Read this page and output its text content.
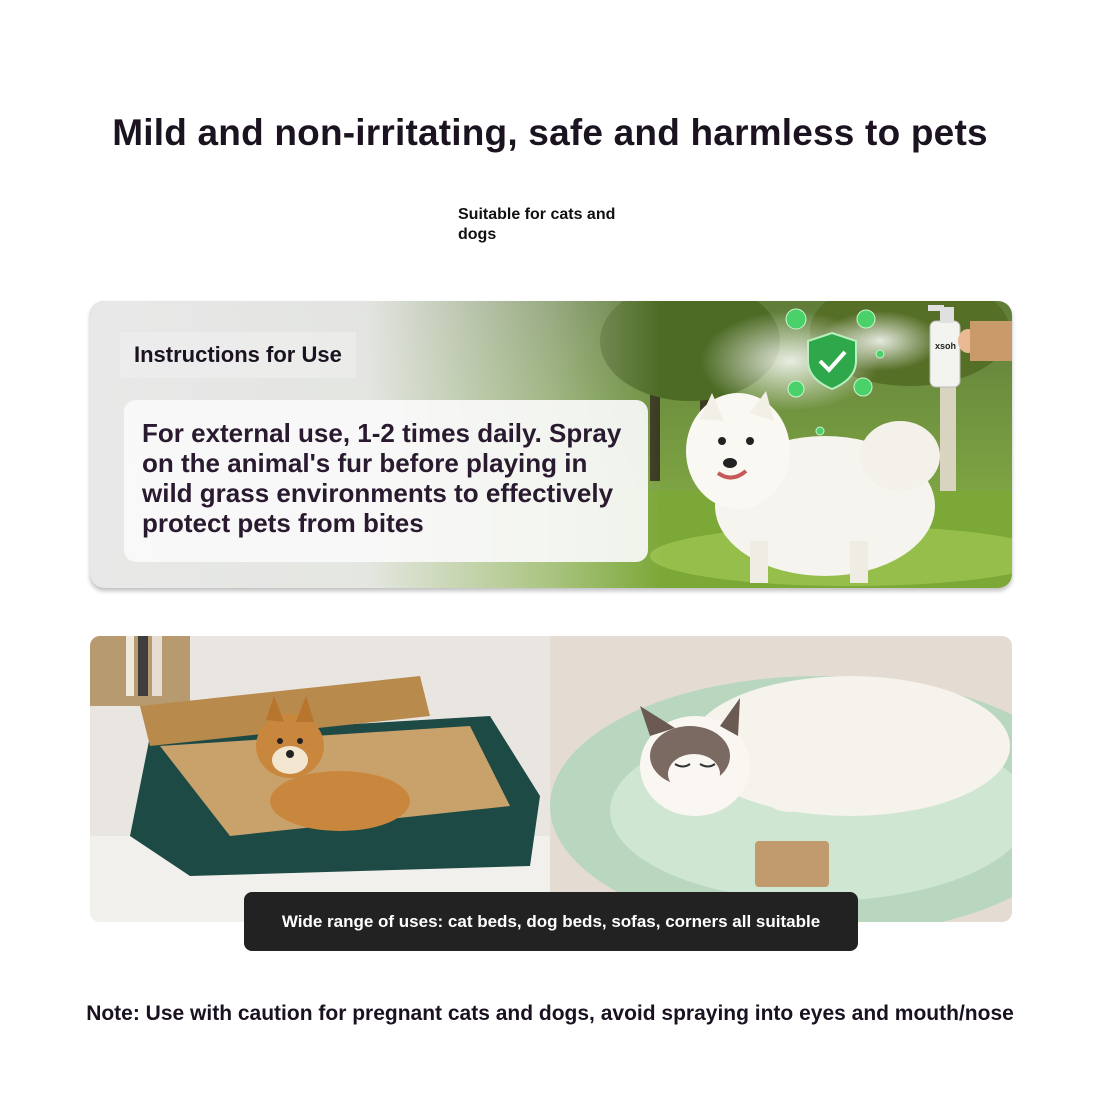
Mild and non-irritating, safe and harmless to pets
Suitable for cats and dogs
Instructions for Use
For external use, 1-2 times daily. Spray on the animal's fur before playing in wild grass environments to effectively protect pets from bites
Wide range of uses: cat beds, dog beds, sofas, corners all suitable
Note: Use with caution for pregnant cats and dogs, avoid spraying into eyes and mouth/nose
